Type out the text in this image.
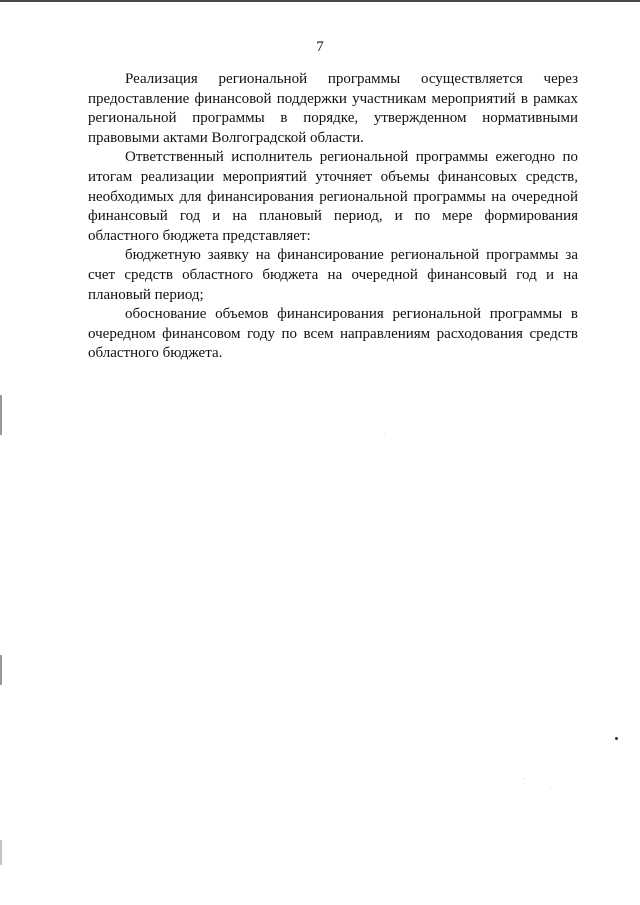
7

Реализация региональной программы осуществляется через предоставление финансовой поддержки участникам мероприятий в рамках региональной программы в порядке, утвержденном нормативными правовыми актами Волгоградской области.

Ответственный исполнитель региональной программы ежегодно по итогам реализации мероприятий уточняет объемы финансовых средств, необходимых для финансирования региональной программы на очередной финансовый год и на плановый период, и по мере формирования областного бюджета представляет:

бюджетную заявку на финансирование региональной программы за счет средств областного бюджета на очередной финансовый год и на плановый период;

обоснование объемов финансирования региональной программы в очередном финансовом году по всем направлениям расходования средств областного бюджета.
